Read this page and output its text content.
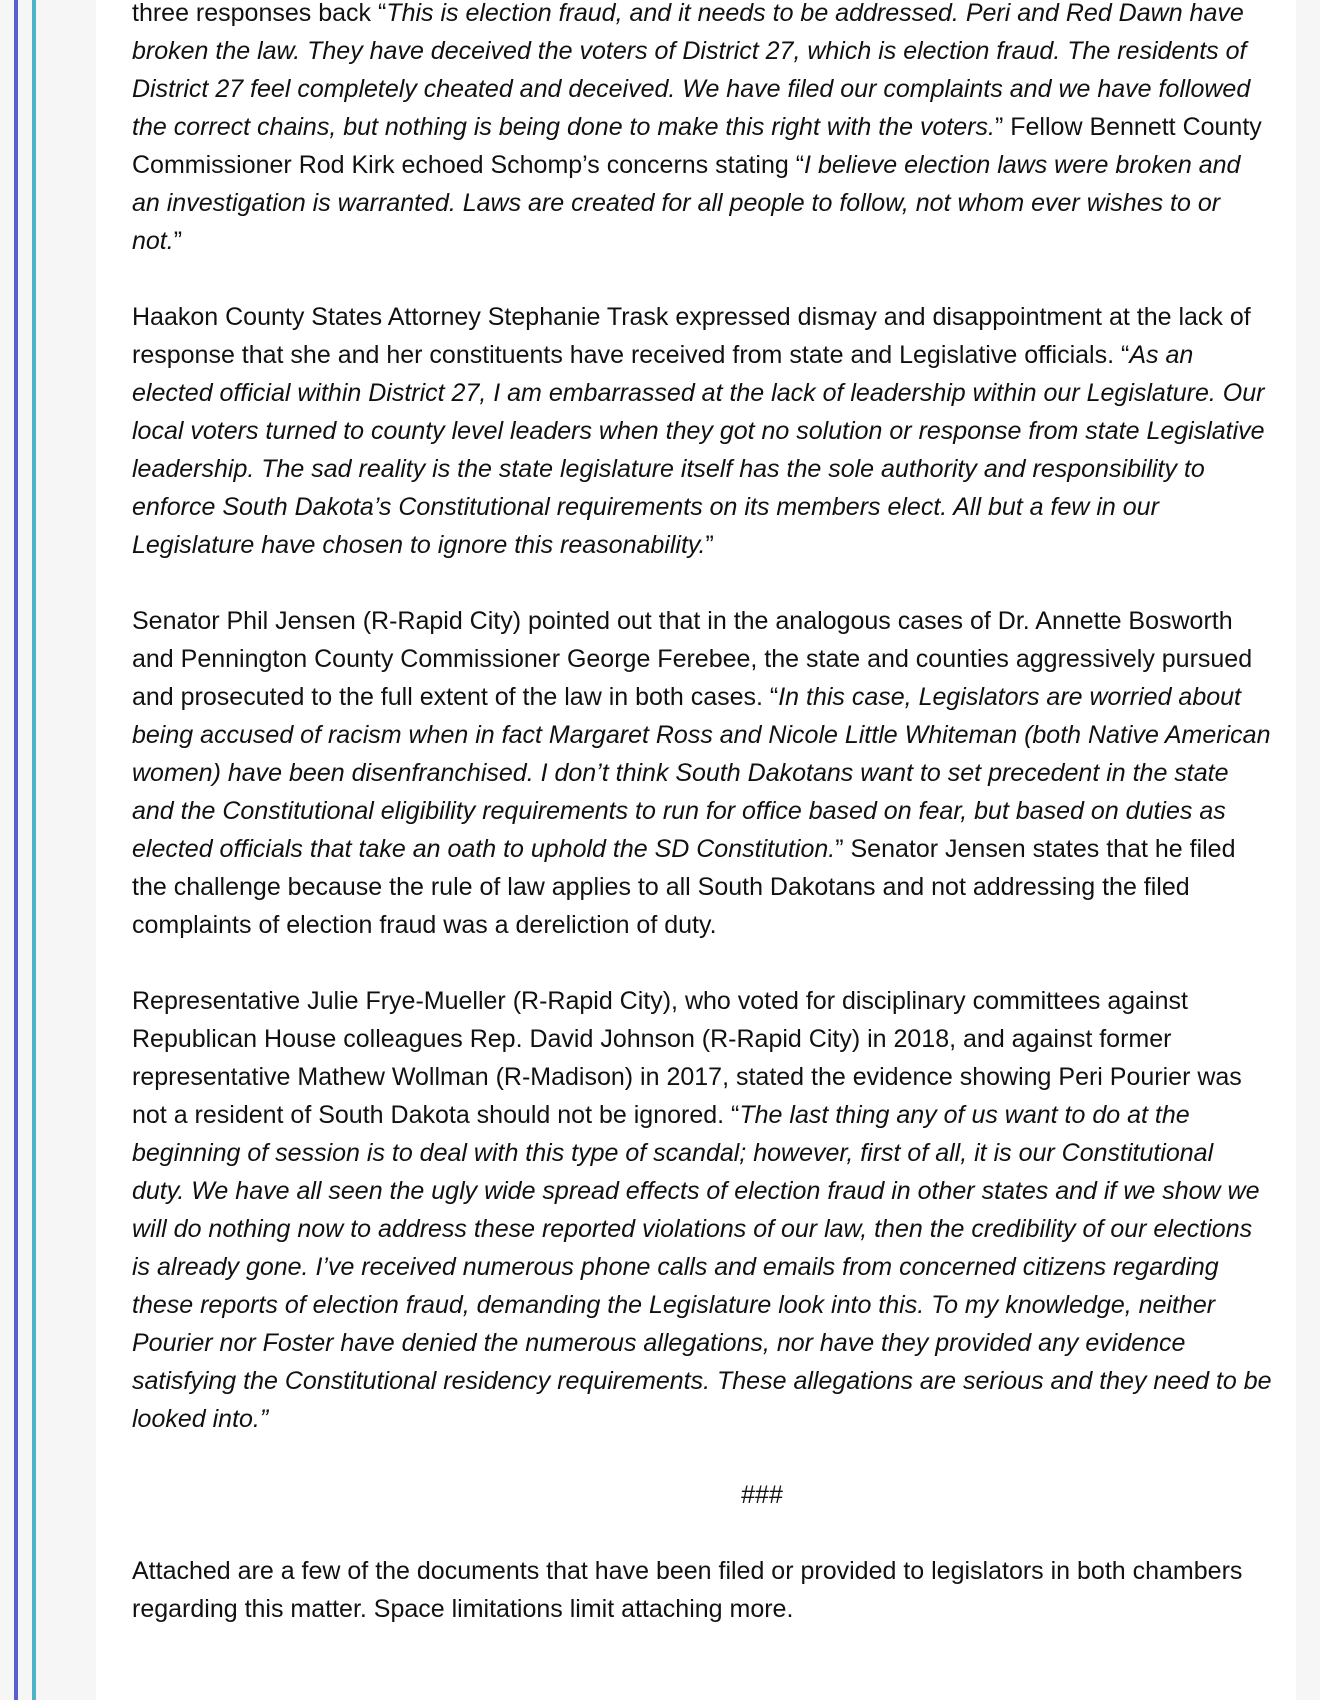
three responses back “This is election fraud, and it needs to be addressed. Peri and Red Dawn have broken the law. They have deceived the voters of District 27, which is election fraud. The residents of District 27 feel completely cheated and deceived. We have filed our complaints and we have followed the correct chains, but nothing is being done to make this right with the voters.” Fellow Bennett County Commissioner Rod Kirk echoed Schomp’s concerns stating “I believe election laws were broken and an investigation is warranted. Laws are created for all people to follow, not whom ever wishes to or not.”

Haakon County States Attorney Stephanie Trask expressed dismay and disappointment at the lack of response that she and her constituents have received from state and Legislative officials. “As an elected official within District 27, I am embarrassed at the lack of leadership within our Legislature. Our local voters turned to county level leaders when they got no solution or response from state Legislative leadership. The sad reality is the state legislature itself has the sole authority and responsibility to enforce South Dakota’s Constitutional requirements on its members elect. All but a few in our Legislature have chosen to ignore this reasonability.”

Senator Phil Jensen (R-Rapid City) pointed out that in the analogous cases of Dr. Annette Bosworth and Pennington County Commissioner George Ferebee, the state and counties aggressively pursued and prosecuted to the full extent of the law in both cases. “In this case, Legislators are worried about being accused of racism when in fact Margaret Ross and Nicole Little Whiteman (both Native American women) have been disenfranchised. I don’t think South Dakotans want to set precedent in the state and the Constitutional eligibility requirements to run for office based on fear, but based on duties as elected officials that take an oath to uphold the SD Constitution.” Senator Jensen states that he filed the challenge because the rule of law applies to all South Dakotans and not addressing the filed complaints of election fraud was a dereliction of duty.

Representative Julie Frye-Mueller (R-Rapid City), who voted for disciplinary committees against Republican House colleagues Rep. David Johnson (R-Rapid City) in 2018, and against former representative Mathew Wollman (R-Madison) in 2017, stated the evidence showing Peri Pourier was not a resident of South Dakota should not be ignored. “The last thing any of us want to do at the beginning of session is to deal with this type of scandal; however, first of all, it is our Constitutional duty. We have all seen the ugly wide spread effects of election fraud in other states and if we show we will do nothing now to address these reported violations of our law, then the credibility of our elections is already gone. I’ve received numerous phone calls and emails from concerned citizens regarding these reports of election fraud, demanding the Legislature look into this. To my knowledge, neither Pourier nor Foster have denied the numerous allegations, nor have they provided any evidence satisfying the Constitutional residency requirements. These allegations are serious and they need to be looked into.”

###

Attached are a few of the documents that have been filed or provided to legislators in both chambers regarding this matter. Space limitations limit attaching more.
